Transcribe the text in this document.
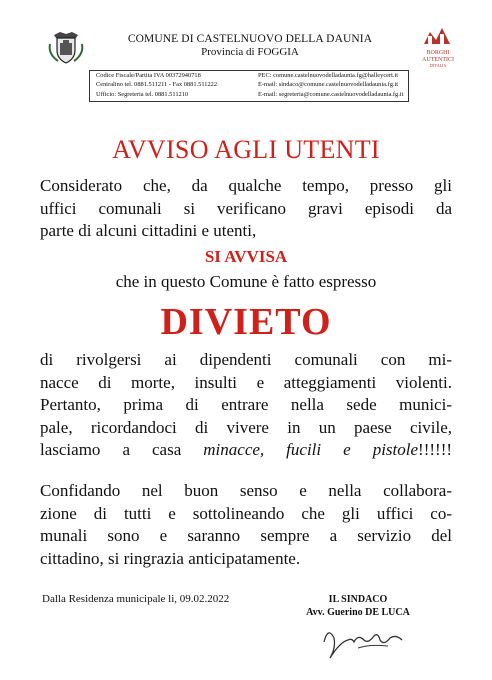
COMUNE DI CASTELNUOVO DELLA DAUNIA
Provincia di FOGGIA	BORGHI
AUTENTICI
D'ITALIA
Codice Fiscale/Partita IVA 00372940718
Centralino tel. 0881.511211 - Fax 0881.511222
Ufficio: Segreteria tel. 0881.511210
PEC: comune.castelnuovodelladaunia.fg@halleycert.it
E-mail: sindaco@comune.castelnuovodelladaunia.fg.it
E-mail: segreteria@comune.castelnuovodelladaunia.fg.it
AVVISO AGLI UTENTI
Considerato che, da qualche tempo, presso gli
uffici comunali si verificano gravi episodi da
parte di alcuni cittadini e utenti,
SI AVVISA
che in questo Comune è fatto espresso
DIVIETO
di rivolgersi ai dipendenti comunali con mi-
nacce di morte, insulti e atteggiamenti violenti.
Pertanto, prima di entrare nella sede munici-
pale, ricordandoci di vivere in un paese civile,
lasciamo a casa minacce, fucili e pistole!!!!!!
Confidando nel buon senso e nella collabora-
zione di tutti e sottolineando che gli uffici co-
munali sono e saranno sempre a servizio del
cittadino, si ringrazia anticipatamente.
Dalla Residenza municipale li, 09.02.2022	IL SINDACO
Avv. Guerino DE LUCA
